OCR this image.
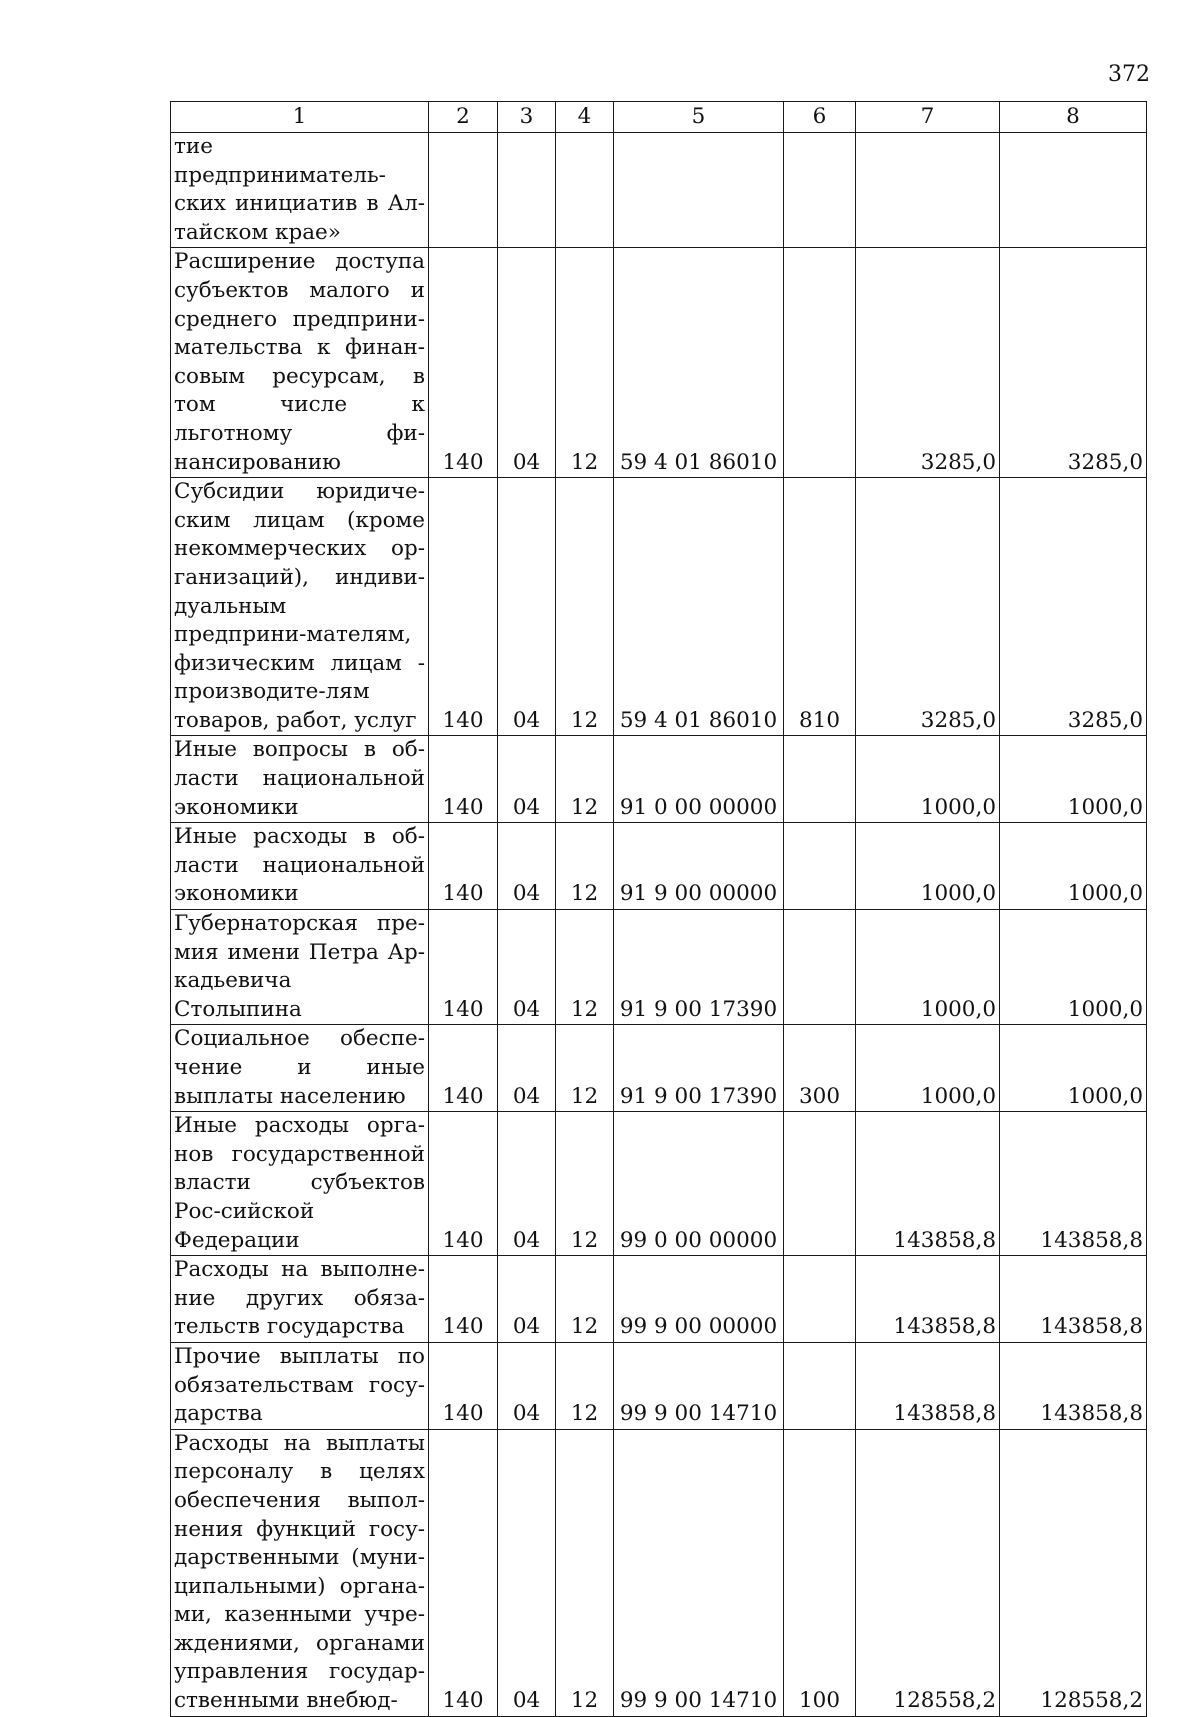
372
1	2	3	4	5	6	7	8
тие предприниматель-ских инициатив в Ал-тайском крае»							
Расширение доступа субъектов малого и среднего предприни-мательства к финан-совым ресурсам, в том числе к льготному фи-нансированию	140	04	12	59 4 01 86010		3285,0	3285,0
Субсидии юридиче-ским лицам (кроме некоммерческих ор-ганизаций), индиви-дуальным предприни-мателям, физическим лицам - производите-лям товаров, работ, услуг	140	04	12	59 4 01 86010	810	3285,0	3285,0
Иные вопросы в об-ласти национальной экономики	140	04	12	91 0 00 00000		1000,0	1000,0
Иные расходы в об-ласти национальной экономики	140	04	12	91 9 00 00000		1000,0	1000,0
Губернаторская пре-мия имени Петра Ар-кадьевича Столыпина	140	04	12	91 9 00 17390		1000,0	1000,0
Социальное обеспе-чение и иные выплаты населению	140	04	12	91 9 00 17390	300	1000,0	1000,0
Иные расходы орга-нов государственной власти субъектов Рос-сийской Федерации	140	04	12	99 0 00 00000		143858,8	143858,8
Расходы на выполне-ние других обяза-тельств государства	140	04	12	99 9 00 00000		143858,8	143858,8
Прочие выплаты по обязательствам госу-дарства	140	04	12	99 9 00 14710		143858,8	143858,8
Расходы на выплаты персоналу в целях обеспечения выпол-нения функций госу-дарственными (муни-ципальными) органа-ми, казенными учре-ждениями, органами управления государ-ственными внебюд-	140	04	12	99 9 00 14710	100	128558,2	128558,2
